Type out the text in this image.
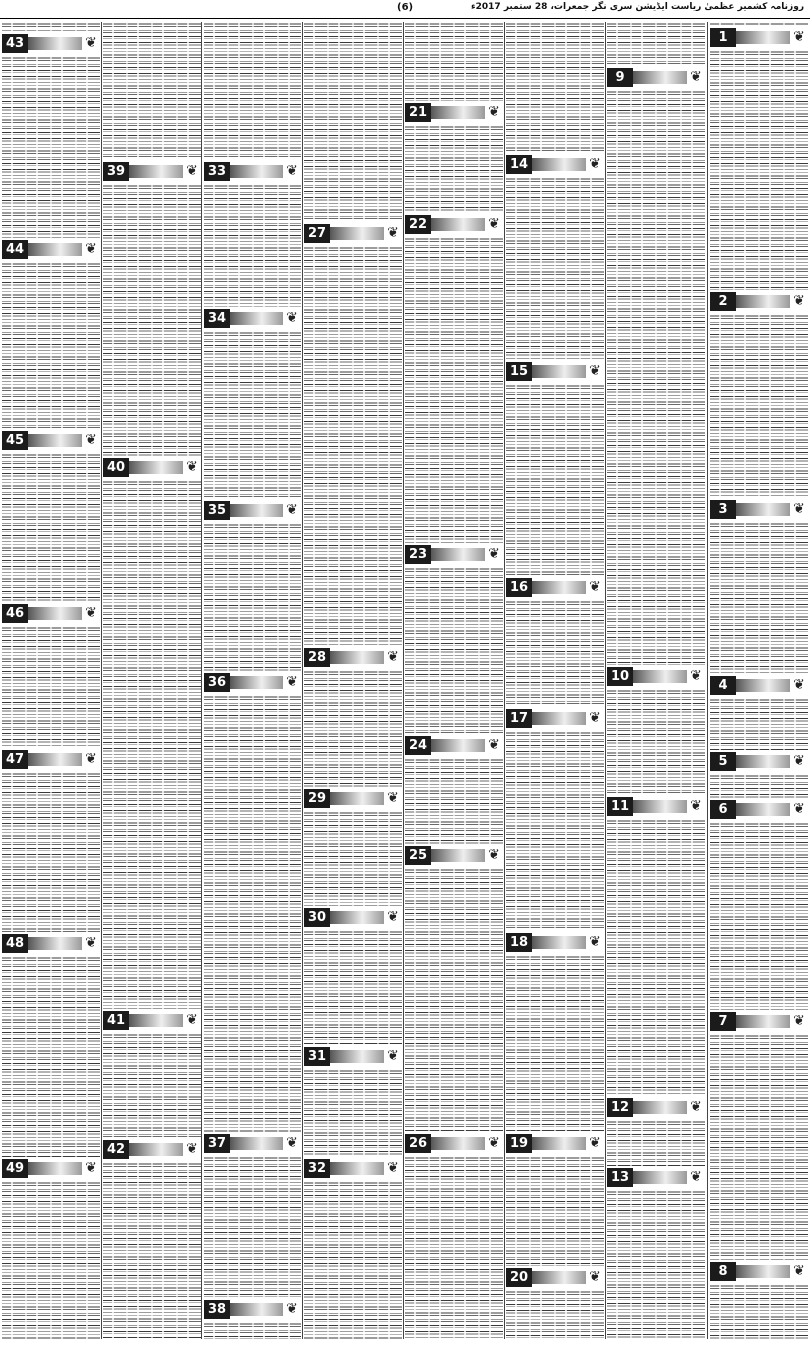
روزنامہ کشمیر عظمیٰ ریاست ایڈیشن سری نگر جمعرات، 28 ستمبر 2017ء
(6)
1	❦
2	❦
3	❦
4	❦
5	❦
6	❦
7	❦
8	❦
9	❦
10	❦
11	❦
12	❦
13	❦
14	❦
15	❦
16	❦
17	❦
18	❦
19	❦
20	❦
21	❦
22	❦
23	❦
24	❦
25	❦
26	❦
27	❦
28	❦
29	❦
30	❦
31	❦
32	❦
33	❦
34	❦
35	❦
36	❦
37	❦
38	❦
39	❦
40	❦
41	❦
42	❦
43	❦
44	❦
45	❦
46	❦
47	❦
48	❦
49	❦
